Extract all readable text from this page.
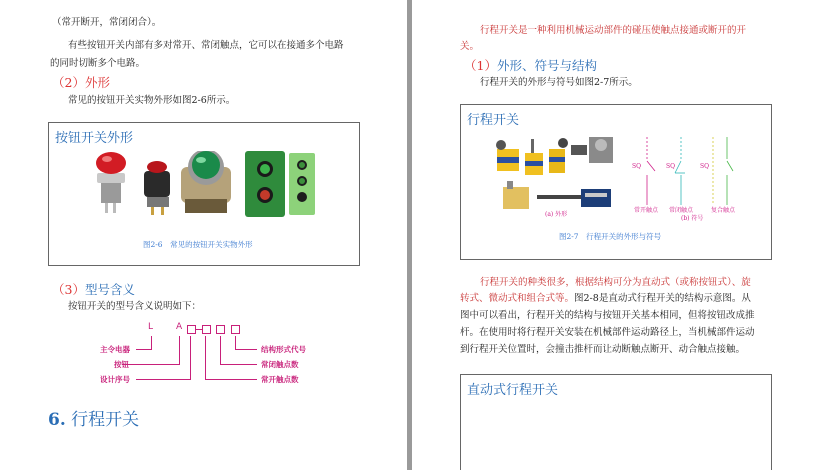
（常开断开，常闭闭合）。
有些按钮开关内部有多对常开、常闭触点，它可以在接通多个电路
的同时切断多个电路。
（2）外形
常见的按钮开关实物外形如图2-6所示。
按钮开关外形
图2-6　常见的按钮开关实物外形
（3）型号含义
按钮开关的型号含义说明如下：
L	A
主令电器
按钮
设计序号
结构形式代号
常闭触点数
常开触点数
6. 行程开关
行程开关是一种利用机械运动部件的碰压使触点接通或断开的开
关。
（1）外形、符号与结构
行程开关的外形与符号如图2-7所示。
行程开关
(a) 外形
SQ	SQ	SQ
常开触点 常闭触点	复合触点
(b) 符号
图2-7　行程开关的外形与符号
行程开关的种类很多，根据结构可分为直动式（或称按钮式）、旋
转式、微动式和组合式等。图2-8是直动式行程开关的结构示意图。从
图中可以看出，行程开关的结构与按钮开关基本相同，但将按钮改成推
杆。在使用时将行程开关安装在机械部件运动路径上，当机械部件运动
到行程开关位置时，会撞击推杆而让动断触点断开、动合触点接触。
直动式行程开关
